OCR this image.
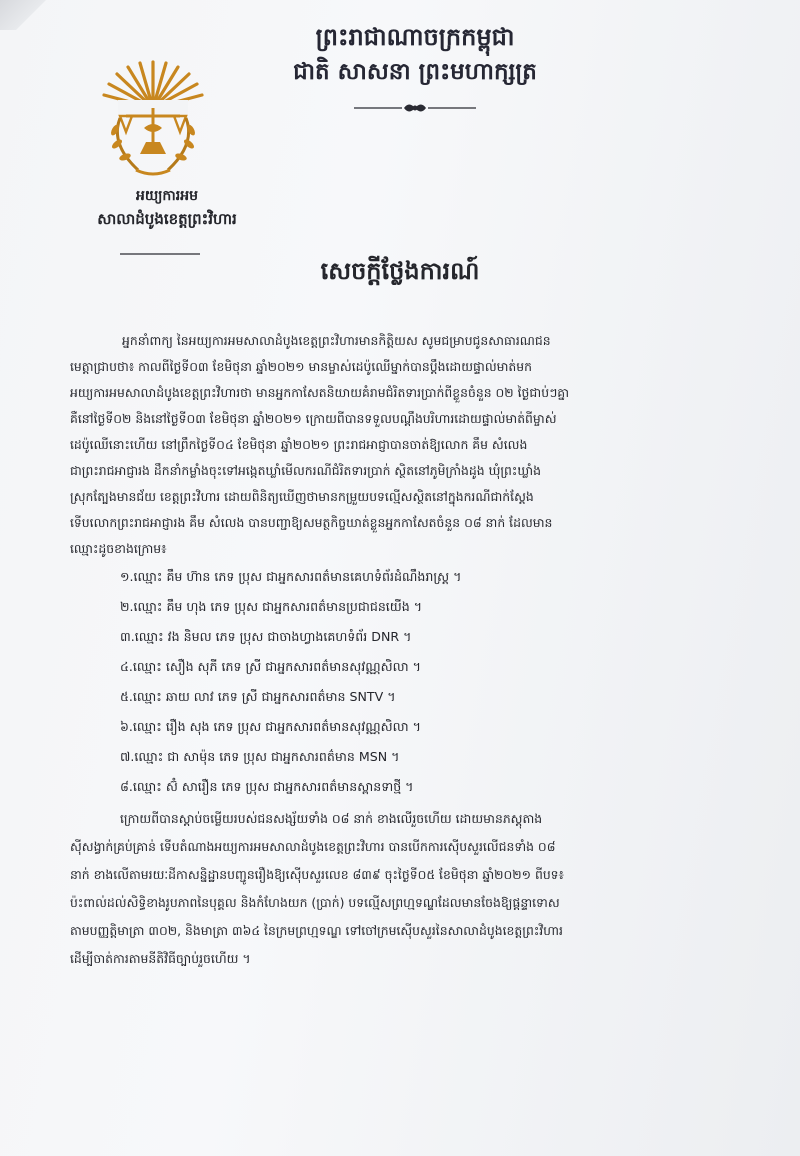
ព្រះរាជាណាចក្រកម្ពុជា
ជាតិ សាសនា ព្រះមហាក្សត្រ
អយ្យការអម
សាលាដំបូងខេត្តព្រះវិហារ
សេចក្ដីថ្លែងការណ៍
អ្នកនាំពាក្យ នៃអយ្យការអមសាលាដំបូងខេត្តព្រះវិហារមានកិត្តិយស សូមជម្រាបជូនសាធារណជន
មេត្តាជ្រាបថា៖ កាលពីថ្ងៃទី០៣ ខែមិថុនា ឆ្នាំ២០២១ មានម្ចាស់ដេប៉ូឈើម្នាក់បានប្ដឹងដោយផ្ទាល់មាត់មក
អយ្យការអមសាលាដំបូងខេត្តព្រះវិហារថា មានអ្នកកាសែតនិយាយគំរាមជំរិតទារប្រាក់ពីខ្លួនចំនួន ០២ ថ្ងៃជាប់ៗគ្នា
គឺនៅថ្ងៃទី០២ និងនៅថ្ងៃទី០៣ ខែមិថុនា ឆ្នាំ២០២១ ក្រោយពីបានទទួលបណ្ដឹងបរិហារដោយផ្ទាល់មាត់ពីម្ចាស់
ដេប៉ូឈើនោះហើយ នៅព្រឹកថ្ងៃទី០៤ ខែមិថុនា ឆ្នាំ២០២១ ព្រះរាជអាជ្ញាបានចាត់ឱ្យលោក គឹម សំលេង
ជាព្រះរាជអាជ្ញារង ដឹកនាំកម្លាំងចុះទៅអង្កេតឃ្លាំមើលករណីជំរិតទារប្រាក់ ស្ថិតនៅភូមិក្រាំងដូង ឃុំព្រះឃ្លាំង
ស្រុកត្បែងមានជ័យ ខេត្តព្រះវិហារ ដោយពិនិត្យឃើញថាមានកម្រួយបទល្មើសស្ថិតនៅក្នុងករណីជាក់ស្ដែង
ទើបលោកព្រះរាជអាជ្ញារង គឹម សំលេង បានបញ្ជាឱ្យសមត្ថកិច្ចឃាត់ខ្លួនអ្នកកាសែតចំនួន ០៨ នាក់ ដែលមាន
ឈ្មោះដូចខាងក្រោម៖
១.ឈ្មោះ គឹម ហ៊ាន ភេទ ប្រុស ជាអ្នកសារពត៌មានគេហទំព័រដំណឹងរាស្ត្រ ។
២.ឈ្មោះ គឹម ហុង ភេទ ប្រុស ជាអ្នកសារពត៌មានប្រជាជនយើង ។
៣.ឈ្មោះ វង និមល ភេទ ប្រុស ជាចាងហ្វាងគេហទំព័រ DNR ។
៤.ឈ្មោះ សឿង សុភី ភេទ ស្រី ជាអ្នកសារពត៌មានសុវណ្ណសិលា ។
៥.ឈ្មោះ ឆាយ លាវ ភេទ ស្រី ជាអ្នកសារពត៌មាន SNTV ។
៦.ឈ្មោះ រឿង សុង ភេទ ប្រុស ជាអ្នកសារពត៌មានសុវណ្ណសិលា ។
៧.ឈ្មោះ ជា សាម៉ុន ភេទ ប្រុស ជាអ្នកសារពត៌មាន MSN ។
៨.ឈ្មោះ ស៊ំ សារឿន ភេទ ប្រុស ជាអ្នកសារពត៌មានស្ពានទាថ្មី ។
ក្រោយពីបានស្ដាប់ចម្លើយរបស់ជនសង្ស័យទាំង ០៨ នាក់ ខាងលើរួចហើយ ដោយមានភស្ដុតាង
ស៊ីសង្វាក់គ្រប់គ្រាន់ ទើបតំណាងអយ្យការអមសាលាដំបូងខេត្តព្រះវិហារ បានបើកការស៊ើបសួរលើជនទាំង ០៨
នាក់ ខាងលើតាមរយៈដីកាសន្និដ្ឋានបញ្ជូនរឿងឱ្យស៊ើបសួរលេខ ៨៣៩ ចុះថ្ងៃទី០៥ ខែមិថុនា ឆ្នាំ២០២១ ពីបទ៖
ប៉ះពាល់ដល់សិទ្ធិខាងរូបភាពនៃបុគ្គល និងកំហែងយក (ប្រាក់) បទល្មើសព្រហ្មទណ្ឌដែលមានចែងឱ្យផ្ដន្ទាទោស
តាមបញ្ញត្តិមាត្រា ៣០២, និងមាត្រា ៣៦៤ នៃក្រមព្រហ្មទណ្ឌ ទៅចៅក្រមស៊ើបសួរនៃសាលាដំបូងខេត្តព្រះវិហារ
ដើម្បីចាត់ការតាមនីតិវិធីច្បាប់រួចហើយ ។
